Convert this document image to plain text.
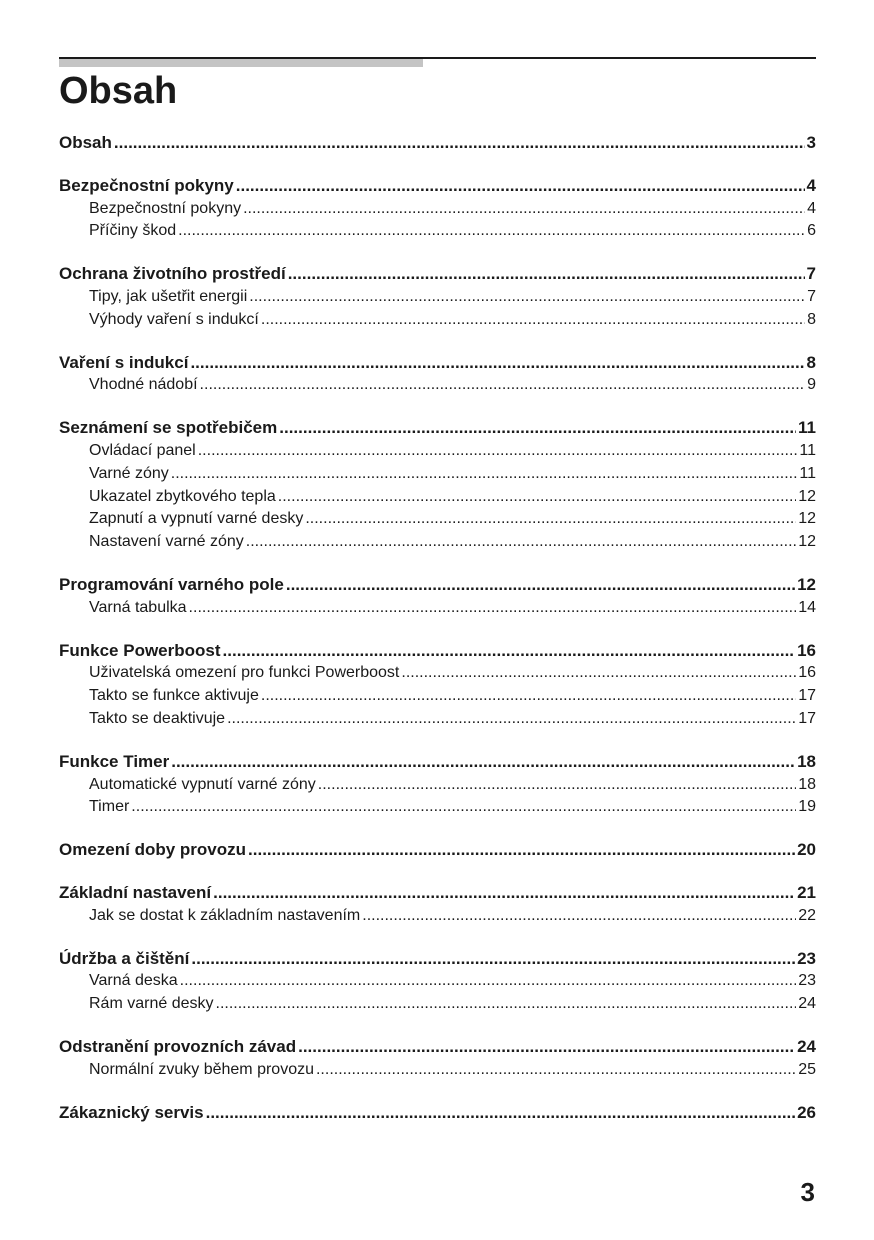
Obsah
Obsah .....	3
Bezpečnostní pokyny .....	4
Bezpečnostní pokyny .....	4
Příčiny škod .....	6
Ochrana životního prostředí .....	7
Tipy, jak ušetřit energii .....	7
Výhody vaření s indukcí .....	8
Vaření s indukcí .....	8
Vhodné nádobí .....	9
Seznámení se spotřebičem .....	11
Ovládací panel .....	11
Varné zóny .....	11
Ukazatel zbytkového tepla .....	12
Zapnutí a vypnutí varné desky .....	12
Nastavení varné zóny .....	12
Programování varného pole .....	12
Varná tabulka .....	14
Funkce Powerboost .....	16
Uživatelská omezení pro funkci Powerboost .....	16
Takto se funkce aktivuje .....	17
Takto se deaktivuje .....	17
Funkce Timer .....	18
Automatické vypnutí varné zóny .....	18
Timer .....	19
Omezení doby provozu .....	20
Základní nastavení .....	21
Jak se dostat k základním nastavením .....	22
Údržba a čištění .....	23
Varná deska .....	23
Rám varné desky .....	24
Odstranění provozních závad .....	24
Normální zvuky během provozu .....	25
Zákaznický servis .....	26
3
